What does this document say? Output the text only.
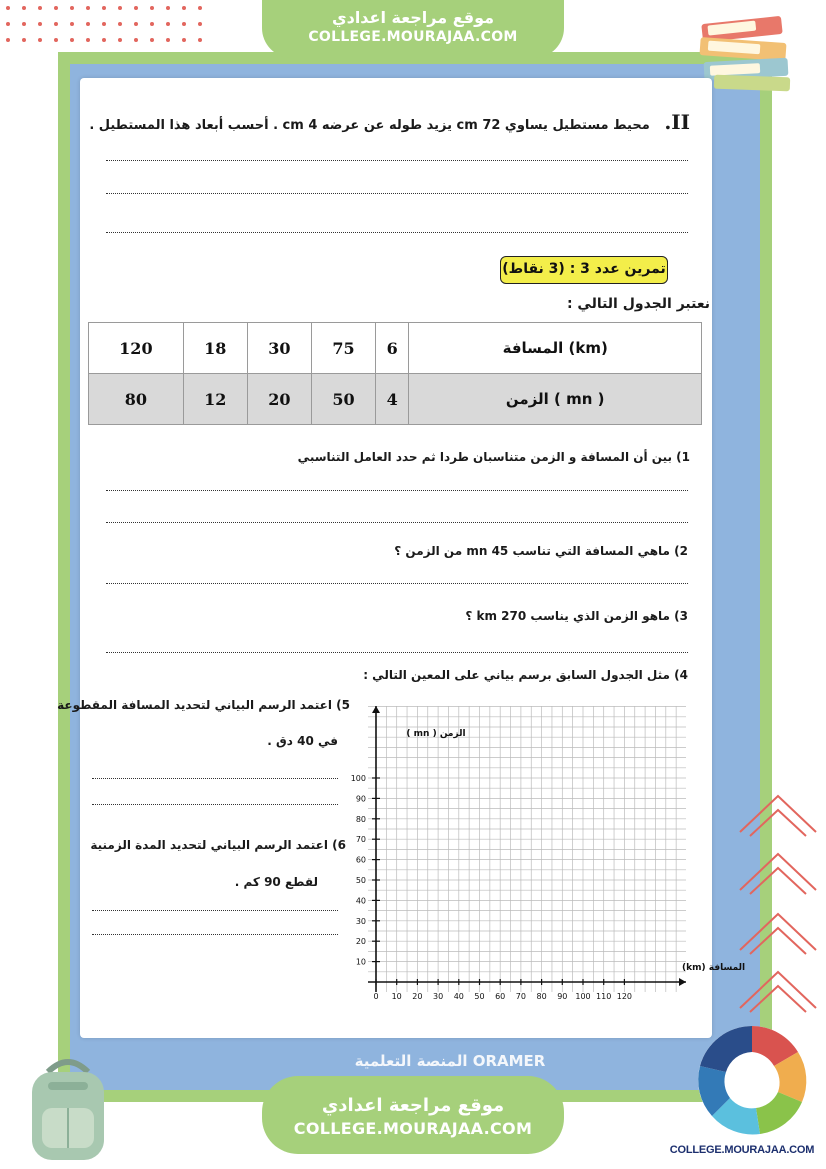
موقع مراجعة اعدادي
COLLEGE.MOURAJAA.COM
II. محيط مستطيل يساوي 72 cm يزيد طوله عن عرضه 4 cm . أحسب أبعاد هذا المستطيل .
تمرين عدد 3 : (3 نقاط)
نعتبر الجدول التالي :
120	18	30	75	6	المسافة (km)
80	12	20	50	4	الزمن ( mn )
1) بين أن المسافة و الزمن متناسبان طردا ثم حدد العامل التناسبي
2) ماهي المسافة التي تناسب 45 mn من الزمن ؟
3) ماهو الزمن الذي يناسب 270 km ؟
4) مثل الجدول السابق برسم بياني على المعين التالي :
5) اعتمد الرسم البياني لتحديد المسافة المقطوعة
في 40 دق .
6) اعتمد الرسم البياني لتحديد المدة الزمنية
لقطع 90 كم .
0 10 20 30 40 50 60 70 80 90 100 110 120
10
20
30
40
50
60
70
80
90
100
المسافة (km)
الزمن ( mn )
المنصة التعلمية ORAMER
موقع مراجعة اعدادي
COLLEGE.MOURAJAA.COM
COLLEGE.MOURAJAA.COM
